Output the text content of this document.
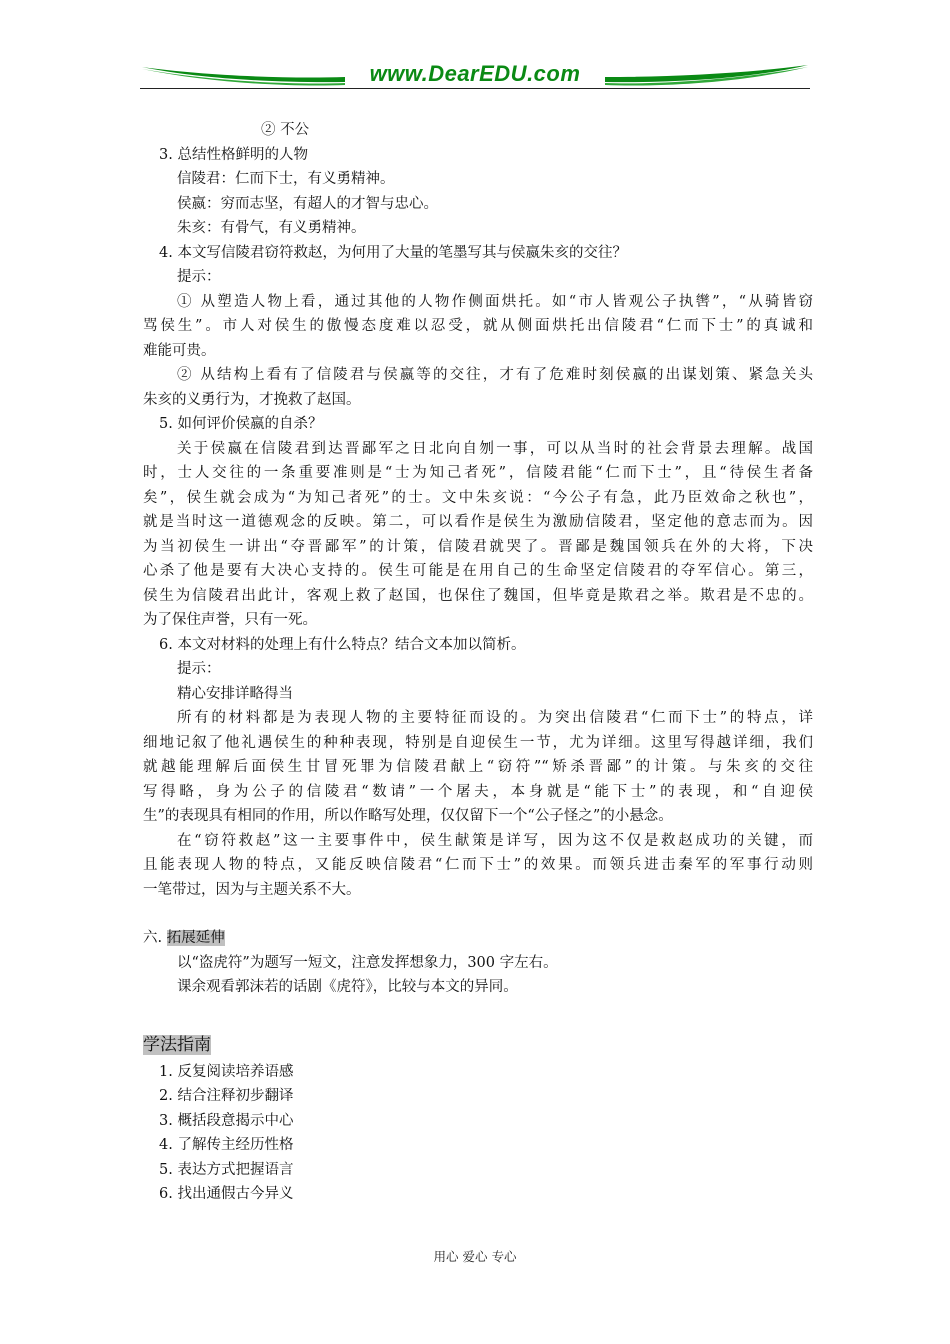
www.DearEDU.com
② 不公
3. 总结性格鲜明的人物
信陵君：仁而下士，有义勇精神。
侯嬴：穷而志坚，有超人的才智与忠心。
朱亥：有骨气，有义勇精神。
4. 本文写信陵君窃符救赵，为何用了大量的笔墨写其与侯嬴朱亥的交往？
提示：
① 从塑造人物上看，通过其他的人物作侧面烘托。如“市人皆观公子执辔”，“从骑皆窃
骂侯生”。市人对侯生的傲慢态度难以忍受，就从侧面烘托出信陵君“仁而下士”的真诚和
难能可贵。
② 从结构上看有了信陵君与侯嬴等的交往，才有了危难时刻侯嬴的出谋划策、紧急关头
朱亥的义勇行为，才挽救了赵国。
5. 如何评价侯嬴的自杀？
关于侯嬴在信陵君到达晋鄙军之日北向自刎一事，可以从当时的社会背景去理解。战国
时，士人交往的一条重要准则是“士为知己者死”，信陵君能“仁而下士”，且“待侯生者备
矣”，侯生就会成为“为知己者死”的士。文中朱亥说：“今公子有急，此乃臣效命之秋也”，
就是当时这一道德观念的反映。第二，可以看作是侯生为激励信陵君，坚定他的意志而为。因
为当初侯生一讲出“夺晋鄙军”的计策，信陵君就哭了。晋鄙是魏国领兵在外的大将，下决
心杀了他是要有大决心支持的。侯生可能是在用自己的生命坚定信陵君的夺军信心。第三，
侯生为信陵君出此计，客观上救了赵国，也保住了魏国，但毕竟是欺君之举。欺君是不忠的。
为了保住声誉，只有一死。
6. 本文对材料的处理上有什么特点？结合文本加以简析。
提示：
精心安排详略得当
所有的材料都是为表现人物的主要特征而设的。为突出信陵君“仁而下士”的特点，详
细地记叙了他礼遇侯生的种种表现，特别是自迎侯生一节，尤为详细。这里写得越详细，我们
就越能理解后面侯生甘冒死罪为信陵君献上“窃符”“矫杀晋鄙”的计策。与朱亥的交往
写得略，身为公子的信陵君“数请”一个屠夫，本身就是“能下士”的表现，和“自迎侯
生”的表现具有相同的作用，所以作略写处理，仅仅留下一个“公子怪之”的小悬念。
在“窃符救赵”这一主要事件中，侯生献策是详写，因为这不仅是救赵成功的关键，而
且能表现人物的特点，又能反映信陵君“仁而下士”的效果。而领兵进击秦军的军事行动则
一笔带过，因为与主题关系不大。
六. 拓展延伸
以“盗虎符”为题写一短文，注意发挥想象力，300 字左右。
课余观看郭沫若的话剧《虎符》，比较与本文的异同。
学法指南
1. 反复阅读培养语感
2. 结合注释初步翻译
3. 概括段意揭示中心
4. 了解传主经历性格
5. 表达方式把握语言
6. 找出通假古今异义
用心 爱心 专心
